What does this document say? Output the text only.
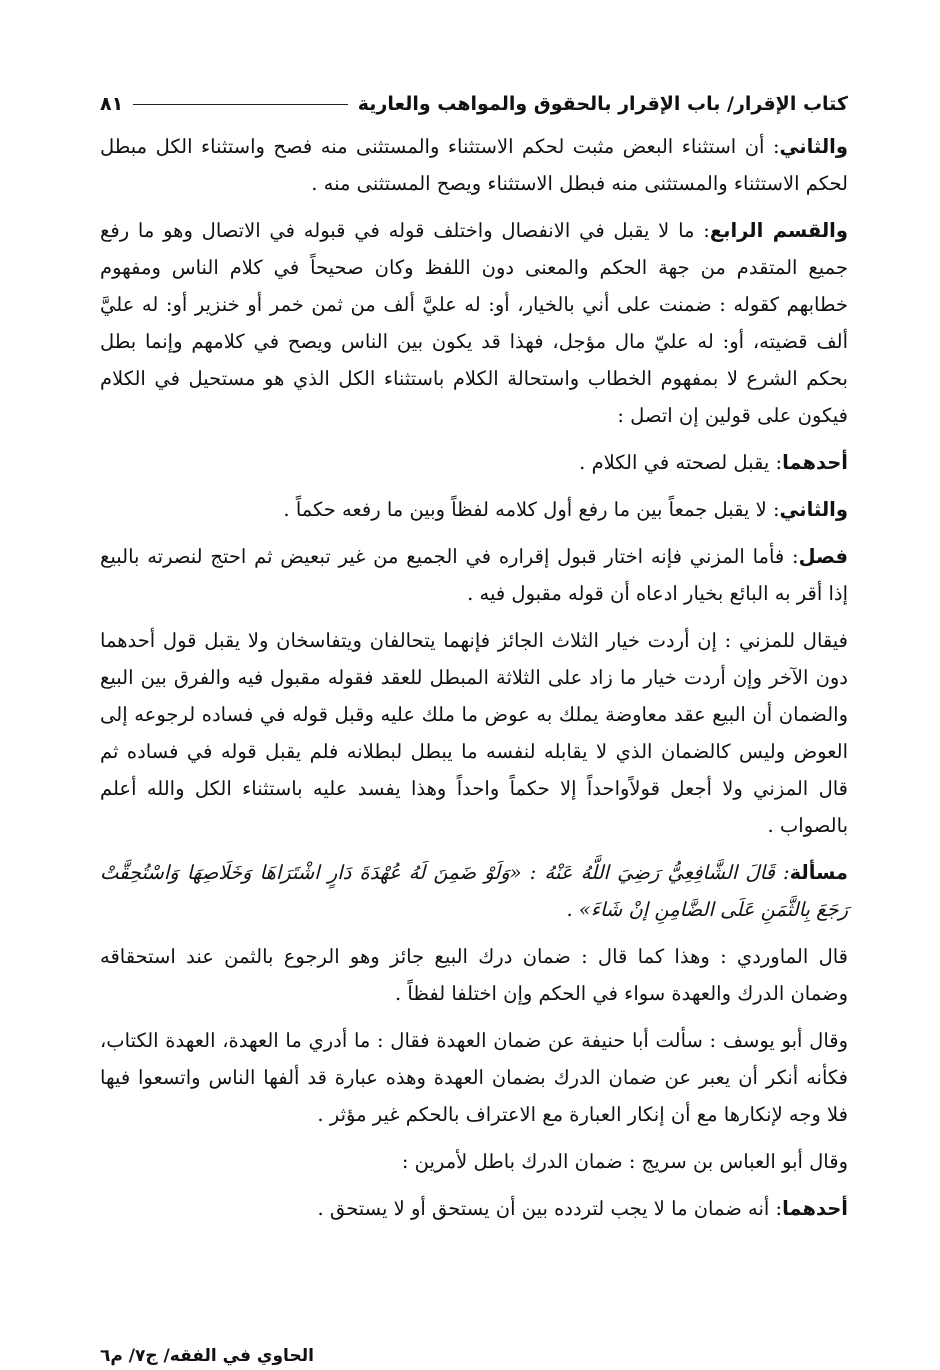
كتاب الإقرار/ باب الإقرار بالحقوق والمواهب والعارية
٨١

والثاني: أن استثناء البعض مثبت لحكم الاستثناء والمستثنى منه فصح واستثناء الكل مبطل لحكم الاستثناء والمستثنى منه فبطل الاستثناء ويصح المستثنى منه .

والقسم الرابع: ما لا يقبل في الانفصال واختلف قوله في قبوله في الاتصال وهو ما رفع جميع المتقدم من جهة الحكم والمعنى دون اللفظ وكان صحيحاً في كلام الناس ومفهوم خطابهم كقوله : ضمنت على أني بالخيار، أو: له عليَّ ألف من ثمن خمر أو خنزير أو: له عليَّ ألف قضيته، أو: له عليّ مال مؤجل، فهذا قد يكون بين الناس ويصح في كلامهم وإنما بطل بحكم الشرع لا بمفهوم الخطاب واستحالة الكلام باستثناء الكل الذي هو مستحيل في الكلام فيكون على قولين إن اتصل :

أحدهما: يقبل لصحته في الكلام .

والثاني: لا يقبل جمعاً بين ما رفع أول كلامه لفظاً وبين ما رفعه حكماً .

فصل: فأما المزني فإنه اختار قبول إقراره في الجميع من غير تبعيض ثم احتج لنصرته بالبيع إذا أقر به البائع بخيار ادعاه أن قوله مقبول فيه .

فيقال للمزني : إن أردت خيار الثلاث الجائز فإنهما يتحالفان ويتفاسخان ولا يقبل قول أحدهما دون الآخر وإن أردت خيار ما زاد على الثلاثة المبطل للعقد فقوله مقبول فيه والفرق بين البيع والضمان أن البيع عقد معاوضة يملك به عوض ما ملك عليه وقبل قوله في فساده لرجوعه إلى العوض وليس كالضمان الذي لا يقابله لنفسه ما يبطل لبطلانه فلم يقبل قوله في فساده ثم قال المزني ولا أجعل قولاًواحداً إلا حكماً واحداً وهذا يفسد عليه باستثناء الكل والله أعلم بالصواب .

مسألة: قَالَ الشَّافِعِيُّ رَضِيَ اللَّهُ عَنْهُ : «وَلَوْ ضَمِنَ لَهُ عُهْدَةَ دَارٍ اشْتَرَاهَا وَخَلَاصِهَا وَاسْتُحِقَّتْ رَجَعَ بِالثَّمَنِ عَلَى الضَّامِنِ إنْ شَاءَ» .

قال الماوردي : وهذا كما قال : ضمان درك البيع جائز وهو الرجوع بالثمن عند استحقاقه وضمان الدرك والعهدة سواء في الحكم وإن اختلفا لفظاً .

وقال أبو يوسف : سألت أبا حنيفة عن ضمان العهدة فقال : ما أدري ما العهدة، العهدة الكتاب، فكأنه أنكر أن يعبر عن ضمان الدرك بضمان العهدة وهذه عبارة قد ألفها الناس واتسعوا فيها فلا وجه لإنكارها مع أن إنكار العبارة مع الاعتراف بالحكم غير مؤثر .

وقال أبو العباس بن سريج : ضمان الدرك باطل لأمرين :

أحدهما: أنه ضمان ما لا يجب لتردده بين أن يستحق أو لا يستحق .

الحاوي في الفقه/ ج٧/ م٦
